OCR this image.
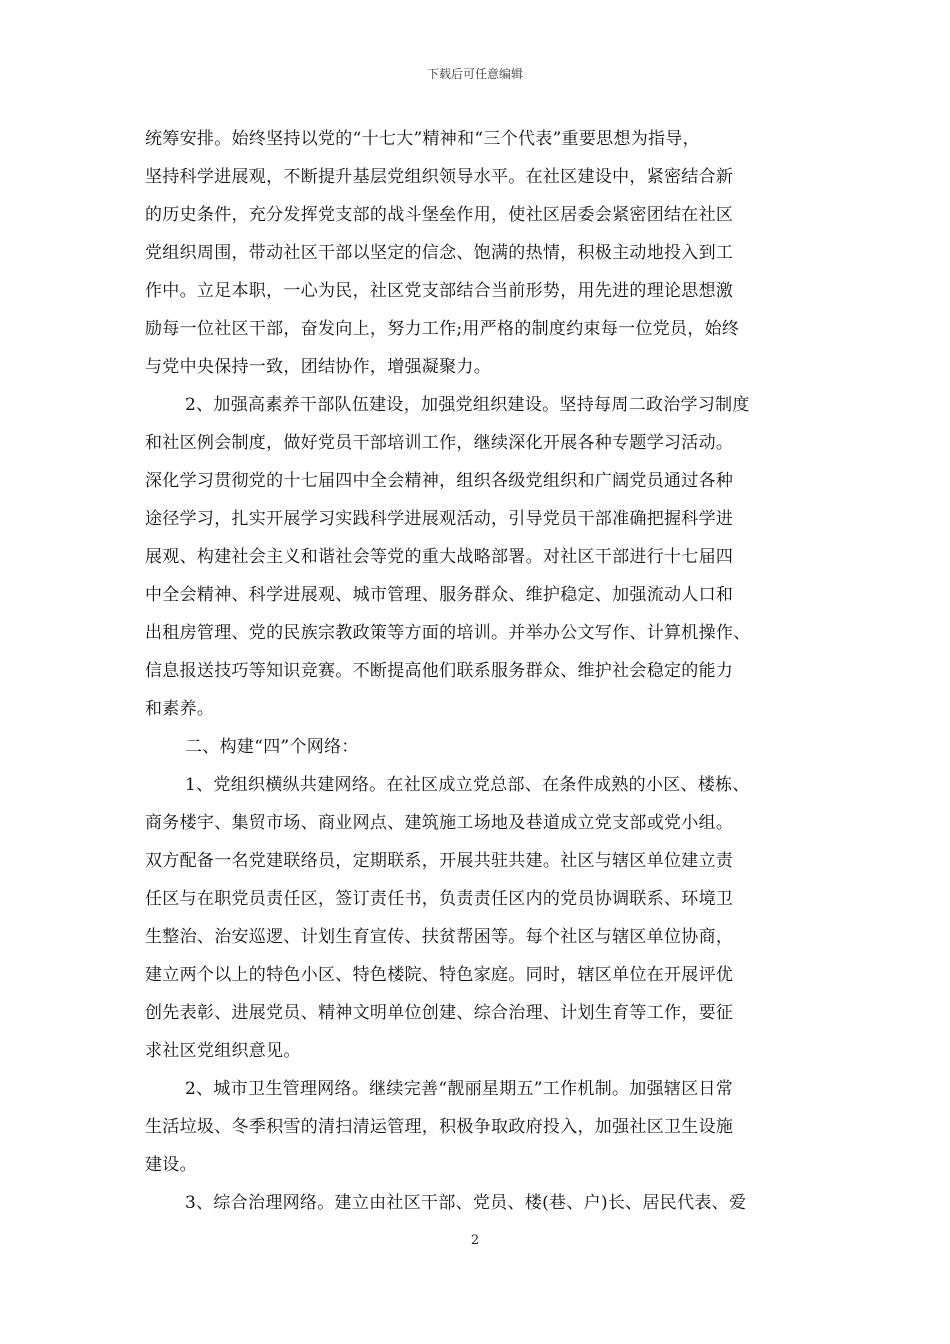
下载后可任意编辑
统筹安排。始终坚持以党的“十七大”精神和“三个代表”重要思想为指导，
坚持科学进展观，不断提升基层党组织领导水平。在社区建设中，紧密结合新
的历史条件，充分发挥党支部的战斗堡垒作用，使社区居委会紧密团结在社区
党组织周围，带动社区干部以坚定的信念、饱满的热情，积极主动地投入到工
作中。立足本职，一心为民，社区党支部结合当前形势，用先进的理论思想激
励每一位社区干部，奋发向上，努力工作;用严格的制度约束每一位党员，始终
与党中央保持一致，团结协作，增强凝聚力。
2、加强高素养干部队伍建设，加强党组织建设。坚持每周二政治学习制度
和社区例会制度，做好党员干部培训工作，继续深化开展各种专题学习活动。
深化学习贯彻党的十七届四中全会精神，组织各级党组织和广阔党员通过各种
途径学习，扎实开展学习实践科学进展观活动，引导党员干部准确把握科学进
展观、构建社会主义和谐社会等党的重大战略部署。对社区干部进行十七届四
中全会精神、科学进展观、城市管理、服务群众、维护稳定、加强流动人口和
出租房管理、党的民族宗教政策等方面的培训。并举办公文写作、计算机操作、
信息报送技巧等知识竞赛。不断提高他们联系服务群众、维护社会稳定的能力
和素养。
二、构建“四”个网络：
1、党组织横纵共建网络。在社区成立党总部、在条件成熟的小区、楼栋、
商务楼宇、集贸市场、商业网点、建筑施工场地及巷道成立党支部或党小组。
双方配备一名党建联络员，定期联系，开展共驻共建。社区与辖区单位建立责
任区与在职党员责任区，签订责任书，负责责任区内的党员协调联系、环境卫
生整治、治安巡逻、计划生育宣传、扶贫帮困等。每个社区与辖区单位协商，
建立两个以上的特色小区、特色楼院、特色家庭。同时，辖区单位在开展评优
创先表彰、进展党员、精神文明单位创建、综合治理、计划生育等工作，要征
求社区党组织意见。
2、城市卫生管理网络。继续完善“靓丽星期五”工作机制。加强辖区日常
生活垃圾、冬季积雪的清扫清运管理，积极争取政府投入，加强社区卫生设施
建设。
3、综合治理网络。建立由社区干部、党员、楼(巷、户)长、居民代表、爱
2
